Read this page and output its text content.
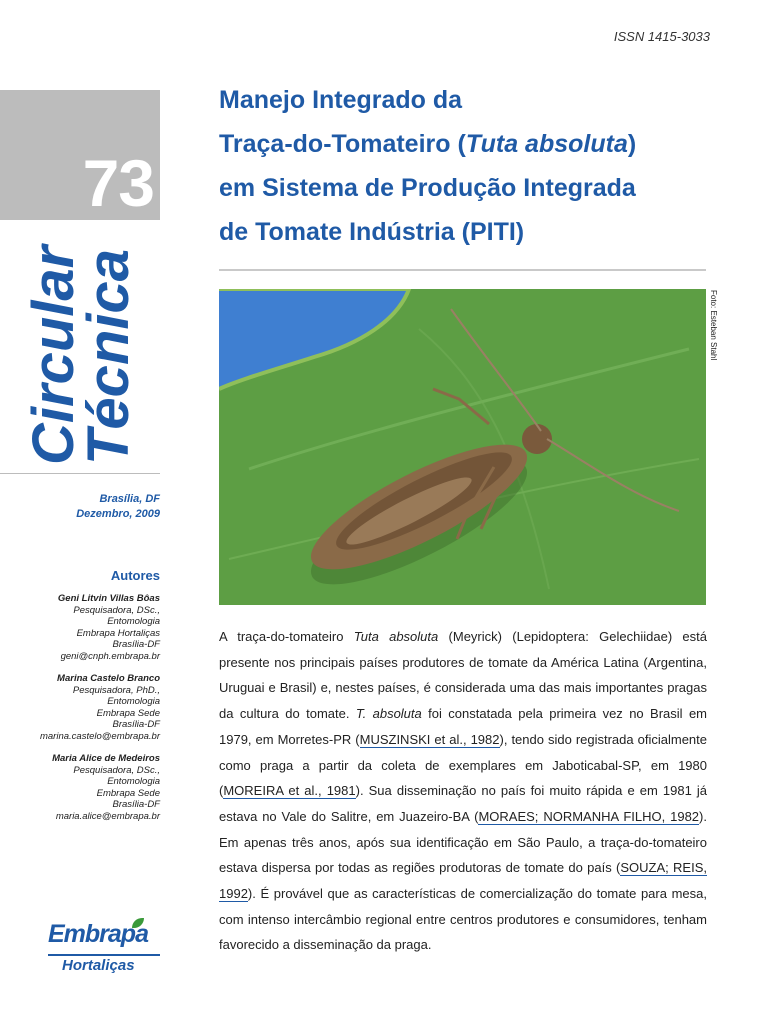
ISSN 1415-3033
73
Circular
Técnica
Brasília, DF
Dezembro, 2009
Autores
Geni Litvin Villas Bôas
Pesquisadora, DSc.,
Entomologia
Embrapa Hortaliças
Brasília-DF
geni@cnph.embrapa.br
Marina Castelo Branco
Pesquisadora, PhD.,
Entomologia
Embrapa Sede
Brasília-DF
marina.castelo@embrapa.br
Maria Alice de Medeiros
Pesquisadora, DSc.,
Entomologia
Embrapa Sede
Brasília-DF
maria.alice@embrapa.br
Embrapa
Hortaliças
Manejo Integrado da
Traça-do-Tomateiro (Tuta absoluta)
em Sistema de Produção Integrada
de Tomate Indústria (PITI)
Foto: Esteban Stahl
A traça-do-tomateiro Tuta absoluta (Meyrick) (Lepidoptera: Gelechiidae) está presente nos principais países produtores de tomate da América Latina (Argentina, Uruguai e Brasil) e, nestes países, é considerada uma das mais importantes pragas da cultura do tomate. T. absoluta foi constatada pela primeira vez no Brasil em 1979, em Morretes-PR (MUSZINSKI et al., 1982), tendo sido registrada oficialmente como praga a partir da coleta de exemplares em Jaboticabal-SP, em 1980 (MOREIRA et al., 1981). Sua disseminação no país foi muito rápida e em 1981 já estava no Vale do Salitre, em Juazeiro-BA (MORAES; NORMANHA FILHO, 1982). Em apenas três anos, após sua identificação em São Paulo, a traça-do-tomateiro estava dispersa por todas as regiões produtoras de tomate do país (SOUZA; REIS, 1992). É provável que as características de comercialização do tomate para mesa, com intenso intercâmbio regional entre centros produtores e consumidores, tenham favorecido a disseminação da praga.
